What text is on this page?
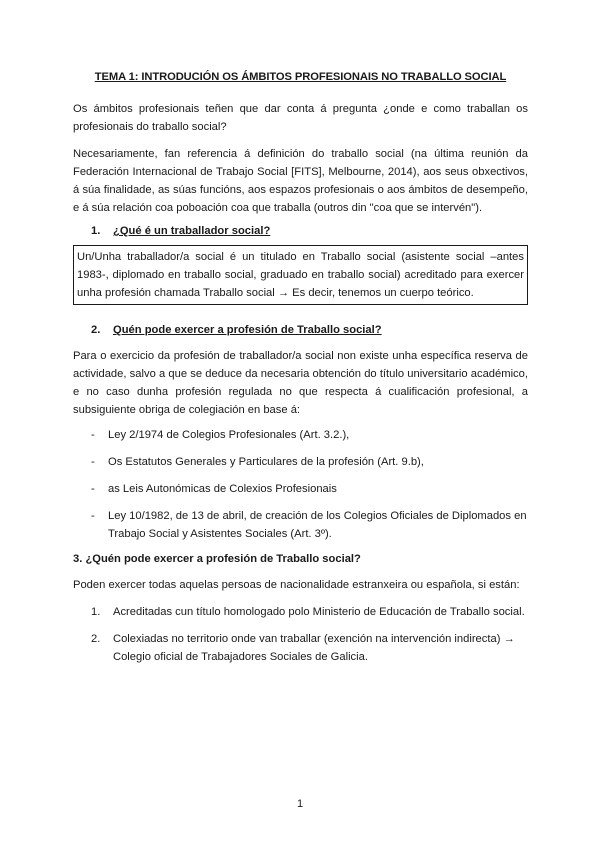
TEMA 1: INTRODUCIÓN OS ÁMBITOS PROFESIONAIS NO TRABALLO SOCIAL
Os ámbitos profesionais teñen que dar conta á pregunta ¿onde e como traballan os profesionais do traballo social?
Necesariamente, fan referencia á definición do traballo social (na última reunión da Federación Internacional de Trabajo Social [FITS], Melbourne, 2014), aos seus obxectivos, á súa finalidade, as súas funcións, aos espazos profesionais o aos ámbitos de desempeño, e á súa relación coa poboación coa que traballa (outros din "coa que se intervén").
1. ¿Qué é un traballador social?
Un/Unha traballador/a social é un titulado en Traballo social (asistente social –antes 1983-, diplomado en traballo social, graduado en traballo social) acreditado para exercer unha profesión chamada Traballo social → Es decir, tenemos un cuerpo teórico.
2. Quén pode exercer a profesión de Traballo social?
Para o exercicio da profesión de traballador/a social non existe unha específica reserva de actividade, salvo a que se deduce da necesaria obtención do título universitario académico, e no caso dunha profesión regulada no que respecta á cualificación profesional, a subsiguiente obriga de colegiación en base á:
-	Ley 2/1974 de Colegios Profesionales (Art. 3.2.),
-	Os Estatutos Generales y Particulares de la profesión (Art. 9.b),
-	as Leis Autonómicas de Colexios Profesionais
-	Ley 10/1982, de 13 de abril, de creación de los Colegios Oficiales de Diplomados en Trabajo Social y Asistentes Sociales (Art. 3º).
3. ¿Quén pode exercer a profesión de Traballo social?
Poden exercer todas aquelas persoas de nacionalidade estranxeira ou española, si están:
1.	Acreditadas cun título homologado polo Ministerio de Educación de Traballo social.
2.	Colexiadas no territorio onde van traballar (exención na intervención indirecta) → Colegio oficial de Trabajadores Sociales de Galicia.
1
